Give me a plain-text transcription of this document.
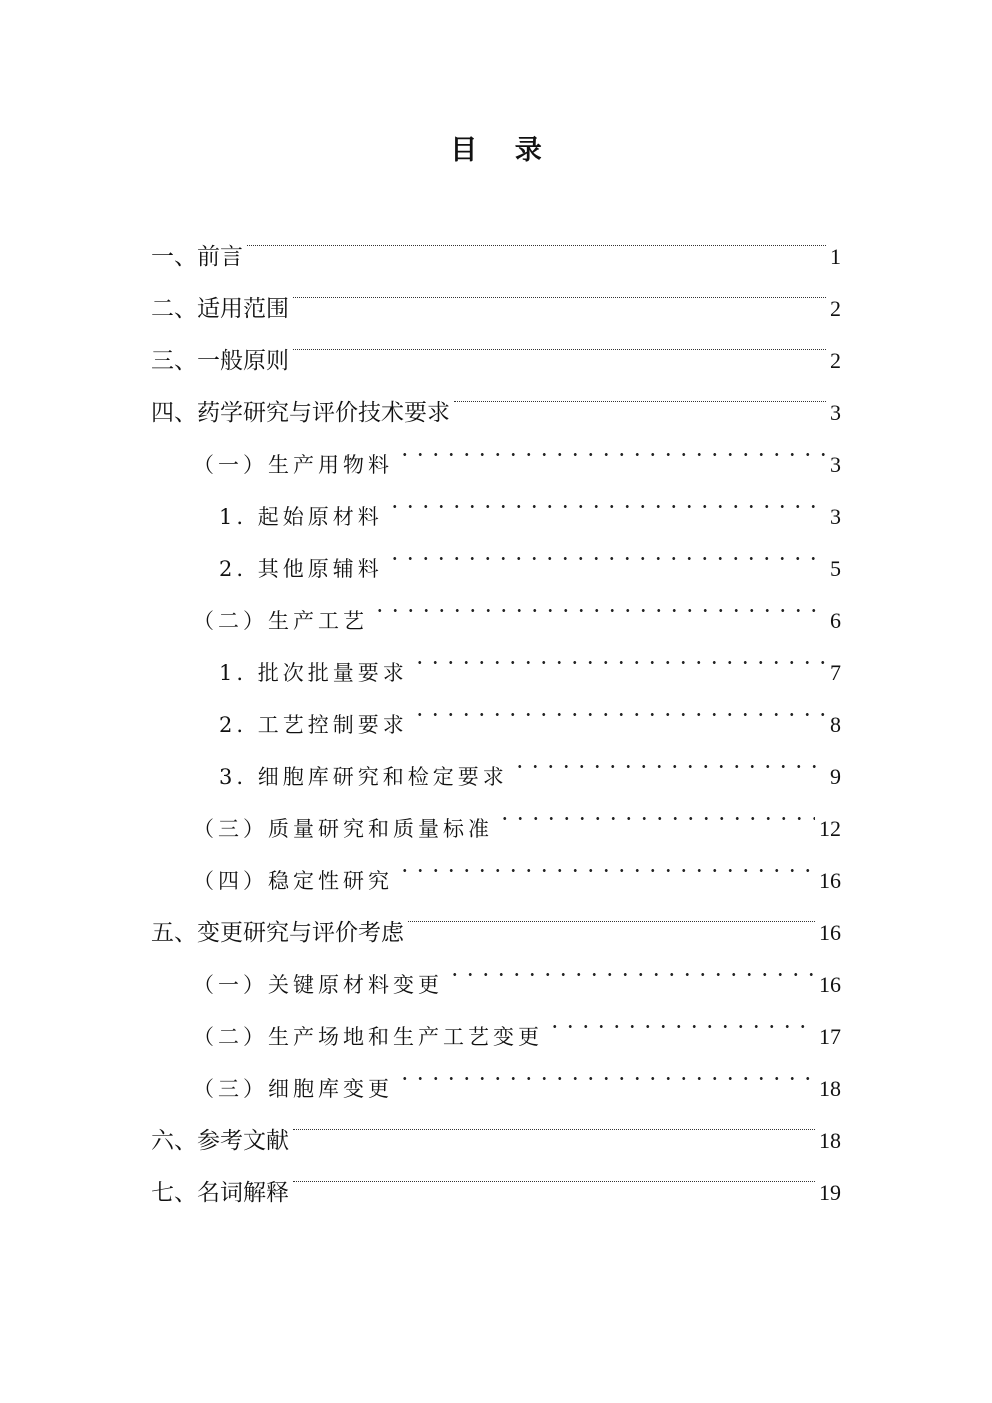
目 录
一、前言	1
二、适用范围	2
三、一般原则	2
四、药学研究与评价技术要求	3
（一）生产用物料	3
1. 起始原材料	3
2. 其他原辅料	5
（二）生产工艺	6
1. 批次批量要求	7
2. 工艺控制要求	8
3. 细胞库研究和检定要求	9
（三）质量研究和质量标准	12
（四）稳定性研究	16
五、变更研究与评价考虑	16
（一）关键原材料变更	16
（二）生产场地和生产工艺变更	17
（三）细胞库变更	18
六、参考文献	18
七、名词解释	19
